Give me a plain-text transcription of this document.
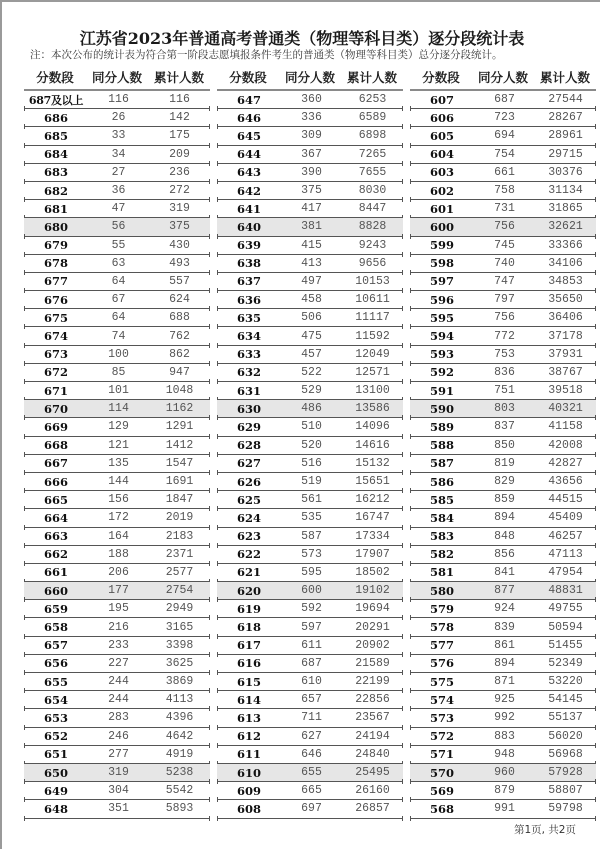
江苏省2023年普通高考普通类（物理等科目类）逐分段统计表
注：本次公布的统计表为符合第一阶段志愿填报条件考生的普通类（物理等科目类）总分逐分段统计。
分数段	同分人数 累计人数
687及以上	116	116
686	26	142
685	33	175
684	34	209
683	27	236
682	36	272
681	47	319
680	56	375
679	55	430
678	63	493
677	64	557
676	67	624
675	64	688
674	74	762
673	100	862
672	85	947
671	101	1048
670	114	1162
669	129	1291
668	121	1412
667	135	1547
666	144	1691
665	156	1847
664	172	2019
663	164	2183
662	188	2371
661	206	2577
660	177	2754
659	195	2949
658	216	3165
657	233	3398
656	227	3625
655	244	3869
654	244	4113
653	283	4396
652	246	4642
651	277	4919
650	319	5238
649	304	5542
648	351	5893
分数段	同分人数 累计人数
647	360	6253
646	336	6589
645	309	6898
644	367	7265
643	390	7655
642	375	8030
641	417	8447
640	381	8828
639	415	9243
638	413	9656
637	497	10153
636	458	10611
635	506	11117
634	475	11592
633	457	12049
632	522	12571
631	529	13100
630	486	13586
629	510	14096
628	520	14616
627	516	15132
626	519	15651
625	561	16212
624	535	16747
623	587	17334
622	573	17907
621	595	18502
620	600	19102
619	592	19694
618	597	20291
617	611	20902
616	687	21589
615	610	22199
614	657	22856
613	711	23567
612	627	24194
611	646	24840
610	655	25495
609	665	26160
608	697	26857
分数段	同分人数 累计人数
607	687	27544
606	723	28267
605	694	28961
604	754	29715
603	661	30376
602	758	31134
601	731	31865
600	756	32621
599	745	33366
598	740	34106
597	747	34853
596	797	35650
595	756	36406
594	772	37178
593	753	37931
592	836	38767
591	751	39518
590	803	40321
589	837	41158
588	850	42008
587	819	42827
586	829	43656
585	859	44515
584	894	45409
583	848	46257
582	856	47113
581	841	47954
580	877	48831
579	924	49755
578	839	50594
577	861	51455
576	894	52349
575	871	53220
574	925	54145
573	992	55137
572	883	56020
571	948	56968
570	960	57928
569	879	58807
568	991	59798
第1页, 共2页
